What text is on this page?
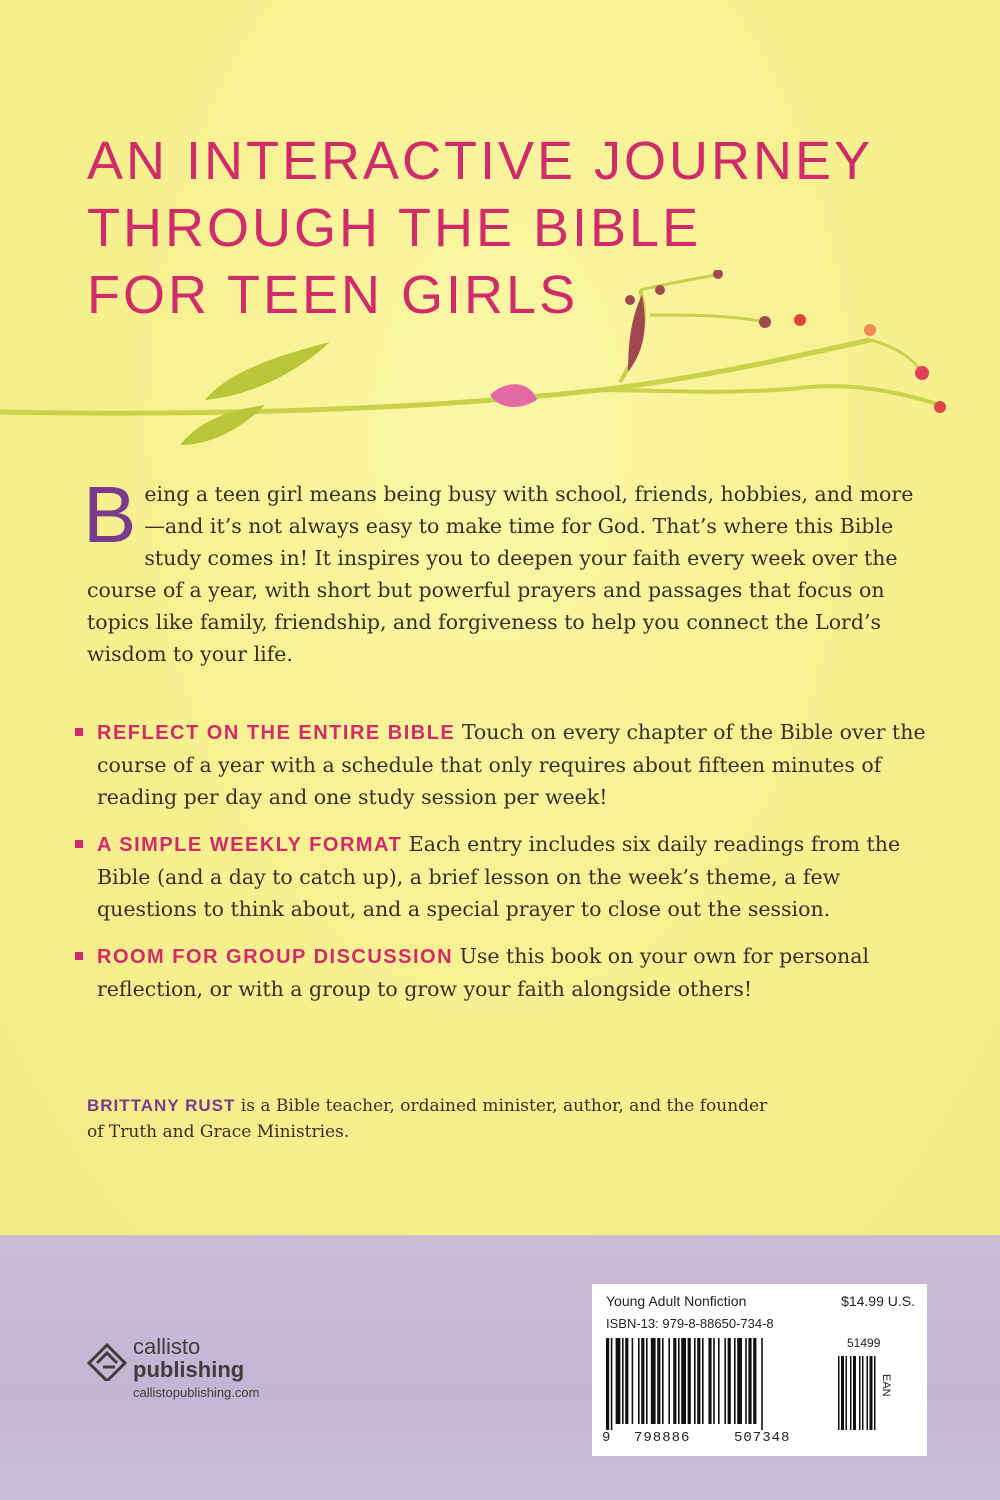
AN INTERACTIVE JOURNEY
THROUGH THE BIBLE
FOR TEEN GIRLS
Being a teen girl means being busy with school, friends, hobbies, and more—and it’s not always easy to make time for God. That’s where this Bible study comes in! It inspires you to deepen your faith every week over the course of a year, with short but powerful prayers and passages that focus on topics like family, friendship, and forgiveness to help you connect the Lord’s wisdom to your life.
REFLECT ON THE ENTIRE BIBLE Touch on every chapter of the Bible over the course of a year with a schedule that only requires about fifteen minutes of reading per day and one study session per week!
A SIMPLE WEEKLY FORMAT Each entry includes six daily readings from the Bible (and a day to catch up), a brief lesson on the week’s theme, a few questions to think about, and a special prayer to close out the session.
ROOM FOR GROUP DISCUSSION Use this book on your own for personal reflection, or with a group to grow your faith alongside others!
BRITTANY RUST is a Bible teacher, ordained minister, author, and the founder of Truth and Grace Ministries.
callisto
publishing
callistopublishing.com
Young Adult Nonfiction	$14.99 U.S.
ISBN-13: 979-8-88650-734-8
51499
9 798886	507348
EAN
